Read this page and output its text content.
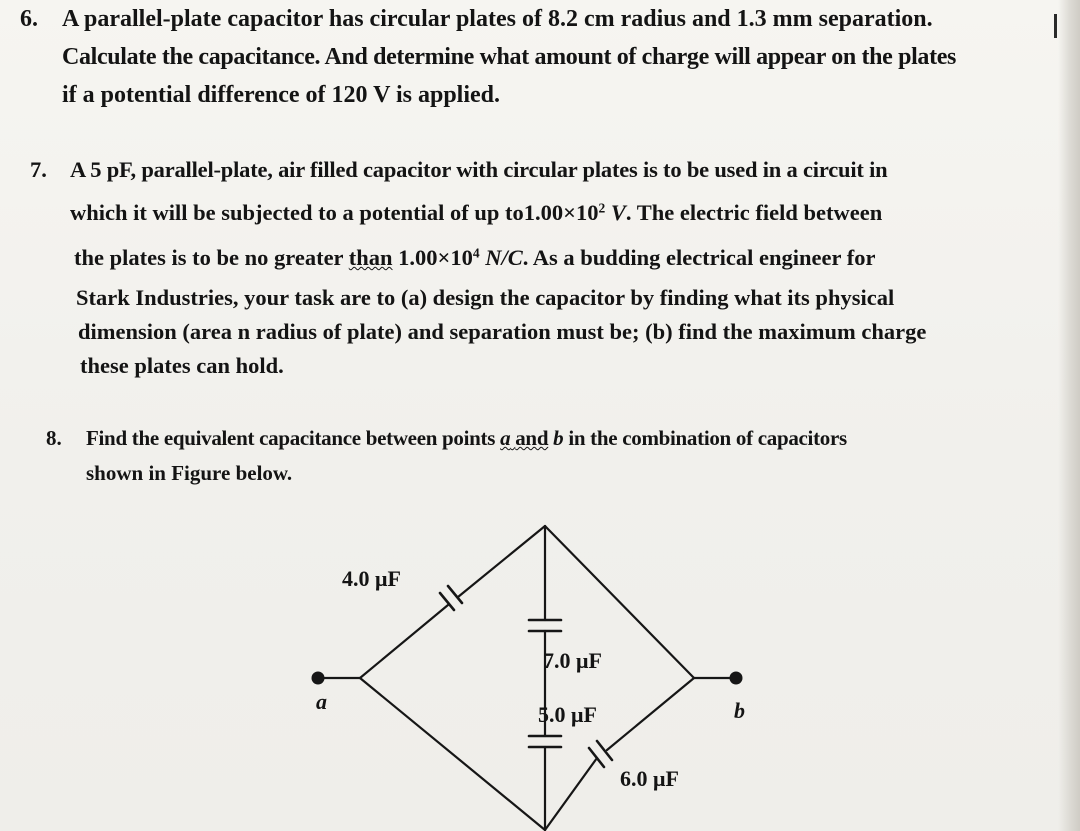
6. A parallel-plate capacitor has circular plates of 8.2 cm radius and 1.3 mm separation.
Calculate the capacitance. And determine what amount of charge will appear on the plates
if a potential difference of 120 V is applied.
7. A 5 pF, parallel-plate, air filled capacitor with circular plates is to be used in a circuit in
which it will be subjected to a potential of up $to1.00\times 10^2$ V. The electric field between
the plates is to be no greater than $1.00\times 10^4$ N/C. As a budding electrical engineer for
Stark Industries, your task are to (a) design the capacitor by finding what its physical
dimension (area n radius of plate) and separation must be; (b) find the maximum charge
these plates can hold.
8. Find the equivalent capacitance between points a and b in the combination of capacitors
shown in Figure below.
4.0 μF
7.0 μF
5.0 μF
6.0 μF
a	b
